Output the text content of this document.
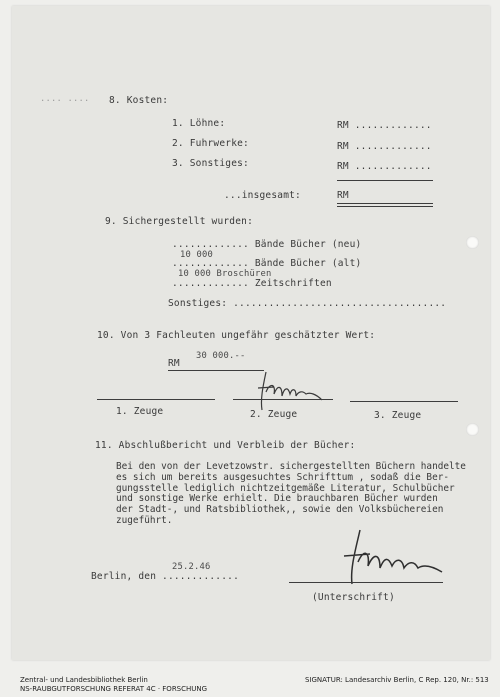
.... .... 8. Kosten:
1. Löhne:	RM .............
2. Fuhrwerke:	RM .............
3. Sonstiges:	RM .............
...insgesamt:	RM
9. Sichergestellt wurden:
............. Bände Bücher (neu)
10 000
............. Bände Bücher (alt)
10 000 Broschüren
............. Zeitschriften
Sonstiges: ....................................
10. Von 3 Fachleuten ungefähr geschätzter Wert:
30 000.--
RM
1. Zeuge	2. Zeuge	3. Zeuge
11. Abschlußbericht und Verbleib der Bücher:
Bei den von der Levetzowstr. sichergestellten Büchern handelte
es sich um bereits ausgesuchtes Schrifttum , sodaß die Ber-
gungsstelle lediglich nichtzeitgemäße Literatur, Schulbücher
und sonstige Werke erhielt. Die brauchbaren Bücher wurden
der Stadt-, und Ratsbibliothek,, sowie den Volksbüchereien
zugeführt.
25.2.46
Berlin, den .............
(Unterschrift)
Zentral- und Landesbibliothek Berlin
NS-RAUBGUTFORSCHUNG REFERAT 4C · FORSCHUNG
SIGNATUR: Landesarchiv Berlin, C Rep. 120, Nr.: 513
